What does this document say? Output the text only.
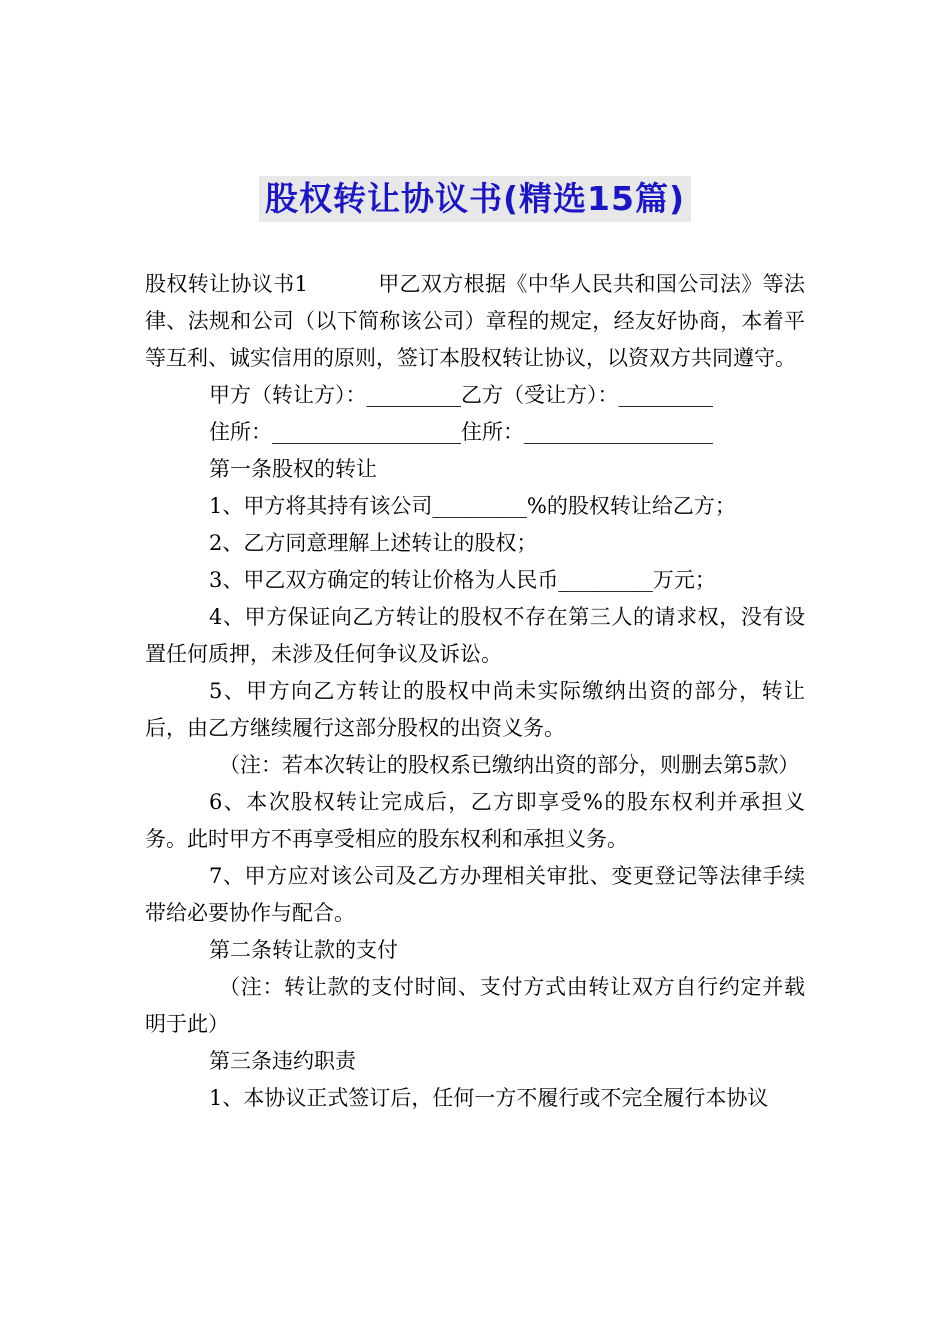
股权转让协议书(精选15篇)

股权转让协议书1          甲乙双方根据《中华人民共和国公司法》等法律、法规和公司（以下简称该公司）章程的规定，经友好协商，本着平等互利、诚实信用的原则，签订本股权转让协议，以资双方共同遵守。

甲方（转让方）：_________乙方（受让方）：_________

住所：__________________住所：__________________

第一条股权的转让

1、甲方将其持有该公司_________%的股权转让给乙方；

2、乙方同意理解上述转让的股权；

3、甲乙双方确定的转让价格为人民币_________万元；

4、甲方保证向乙方转让的股权不存在第三人的请求权，没有设置任何质押，未涉及任何争议及诉讼。

5、甲方向乙方转让的股权中尚未实际缴纳出资的部分，转让后，由乙方继续履行这部分股权的出资义务。

（注：若本次转让的股权系已缴纳出资的部分，则删去第5款）

6、本次股权转让完成后，乙方即享受%的股东权利并承担义务。此时甲方不再享受相应的股东权利和承担义务。

7、甲方应对该公司及乙方办理相关审批、变更登记等法律手续带给必要协作与配合。

第二条转让款的支付

（注：转让款的支付时间、支付方式由转让双方自行约定并载明于此）

第三条违约职责

1、本协议正式签订后，任何一方不履行或不完全履行本协议
